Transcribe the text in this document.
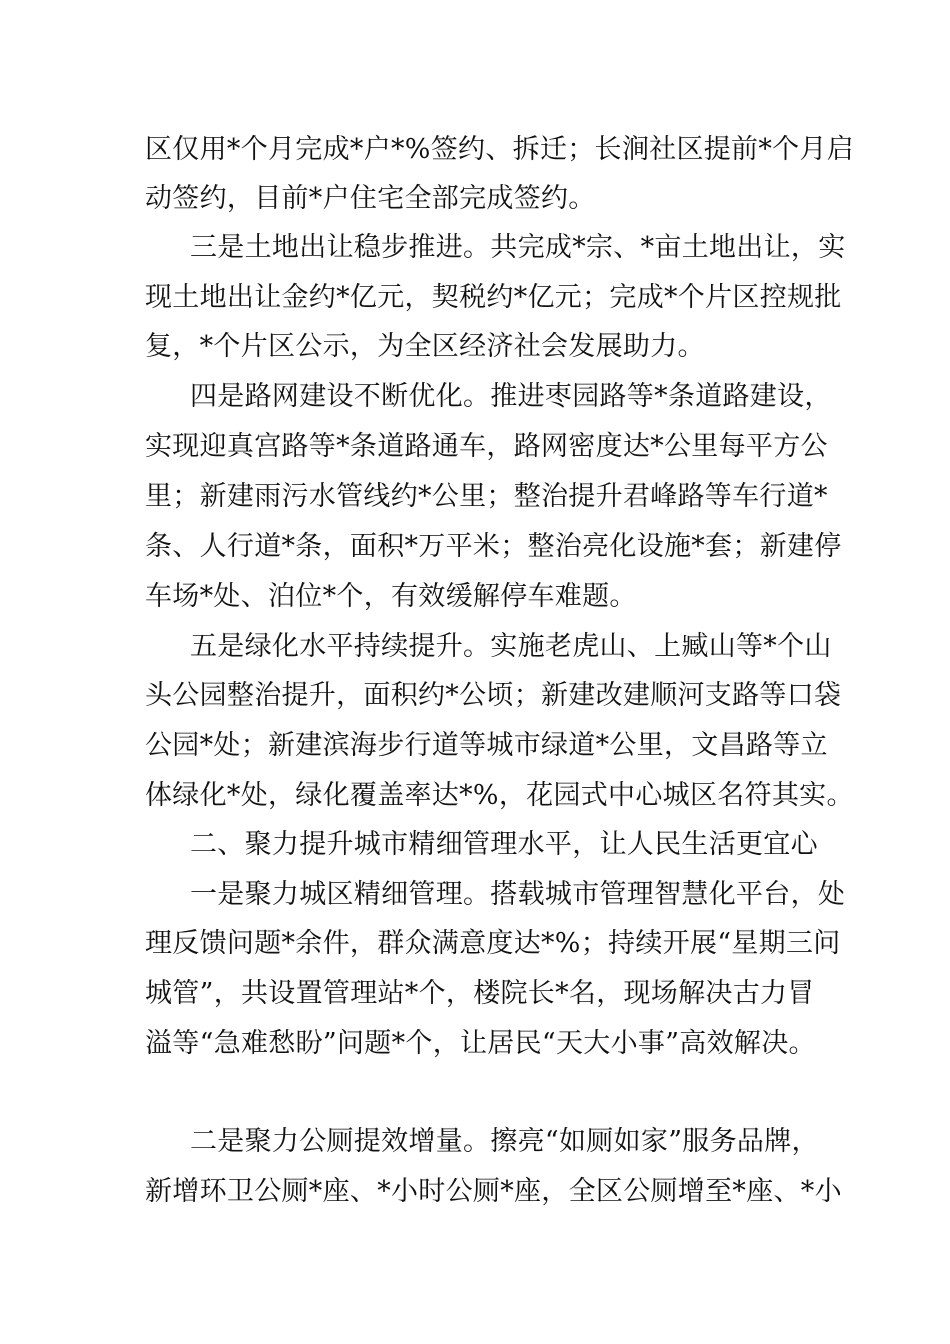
区仅用*个月完成*户*%签约、拆迁；长涧社区提前*个月启
动签约，目前*户住宅全部完成签约。
三是土地出让稳步推进。共完成*宗、*亩土地出让，实
现土地出让金约*亿元，契税约*亿元；完成*个片区控规批
复，*个片区公示，为全区经济社会发展助力。
四是路网建设不断优化。推进枣园路等*条道路建设，
实现迎真宫路等*条道路通车，路网密度达*公里每平方公
里；新建雨污水管线约*公里；整治提升君峰路等车行道*
条、人行道*条，面积*万平米；整治亮化设施*套；新建停
车场*处、泊位*个，有效缓解停车难题。
五是绿化水平持续提升。实施老虎山、上臧山等*个山
头公园整治提升，面积约*公顷；新建改建顺河支路等口袋
公园*处；新建滨海步行道等城市绿道*公里，文昌路等立
体绿化*处，绿化覆盖率达*%，花园式中心城区名符其实。
二、聚力提升城市精细管理水平，让人民生活更宜心
一是聚力城区精细管理。搭载城市管理智慧化平台，处
理反馈问题*余件，群众满意度达*%；持续开展“星期三问
城管”，共设置管理站*个，楼院长*名，现场解决古力冒
溢等“急难愁盼”问题*个，让居民“天大小事”高效解决。
二是聚力公厕提效增量。擦亮“如厕如家”服务品牌，
新增环卫公厕*座、*小时公厕*座，全区公厕增至*座、*小
